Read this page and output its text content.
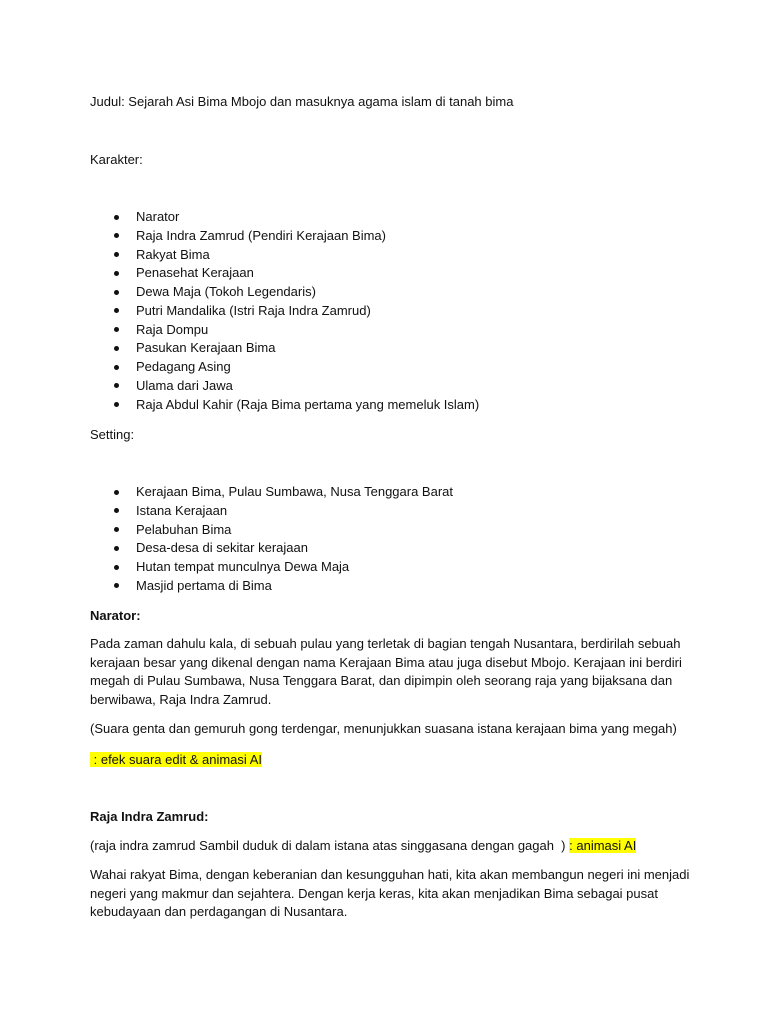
Judul: Sejarah Asi Bima Mbojo dan masuknya agama islam di tanah bima
Karakter:
Narator
Raja Indra Zamrud (Pendiri Kerajaan Bima)
Rakyat Bima
Penasehat Kerajaan
Dewa Maja (Tokoh Legendaris)
Putri Mandalika (Istri Raja Indra Zamrud)
Raja Dompu
Pasukan Kerajaan Bima
Pedagang Asing
Ulama dari Jawa
Raja Abdul Kahir (Raja Bima pertama yang memeluk Islam)
Setting:
Kerajaan Bima, Pulau Sumbawa, Nusa Tenggara Barat
Istana Kerajaan
Pelabuhan Bima
Desa-desa di sekitar kerajaan
Hutan tempat munculnya Dewa Maja
Masjid pertama di Bima
Narator:
Pada zaman dahulu kala, di sebuah pulau yang terletak di bagian tengah Nusantara, berdirilah sebuah
kerajaan besar yang dikenal dengan nama Kerajaan Bima atau juga disebut Mbojo. Kerajaan ini berdiri
megah di Pulau Sumbawa, Nusa Tenggara Barat, dan dipimpin oleh seorang raja yang bijaksana dan
berwibawa, Raja Indra Zamrud.
(Suara genta dan gemuruh gong terdengar, menunjukkan suasana istana kerajaan bima yang megah)
: efek suara edit & animasi AI
Raja Indra Zamrud:
(raja indra zamrud Sambil duduk di dalam istana atas singgasana dengan gagah  ) : animasi AI
Wahai rakyat Bima, dengan keberanian dan kesungguhan hati, kita akan membangun negeri ini menjadi
negeri yang makmur dan sejahtera. Dengan kerja keras, kita akan menjadikan Bima sebagai pusat
kebudayaan dan perdagangan di Nusantara.
